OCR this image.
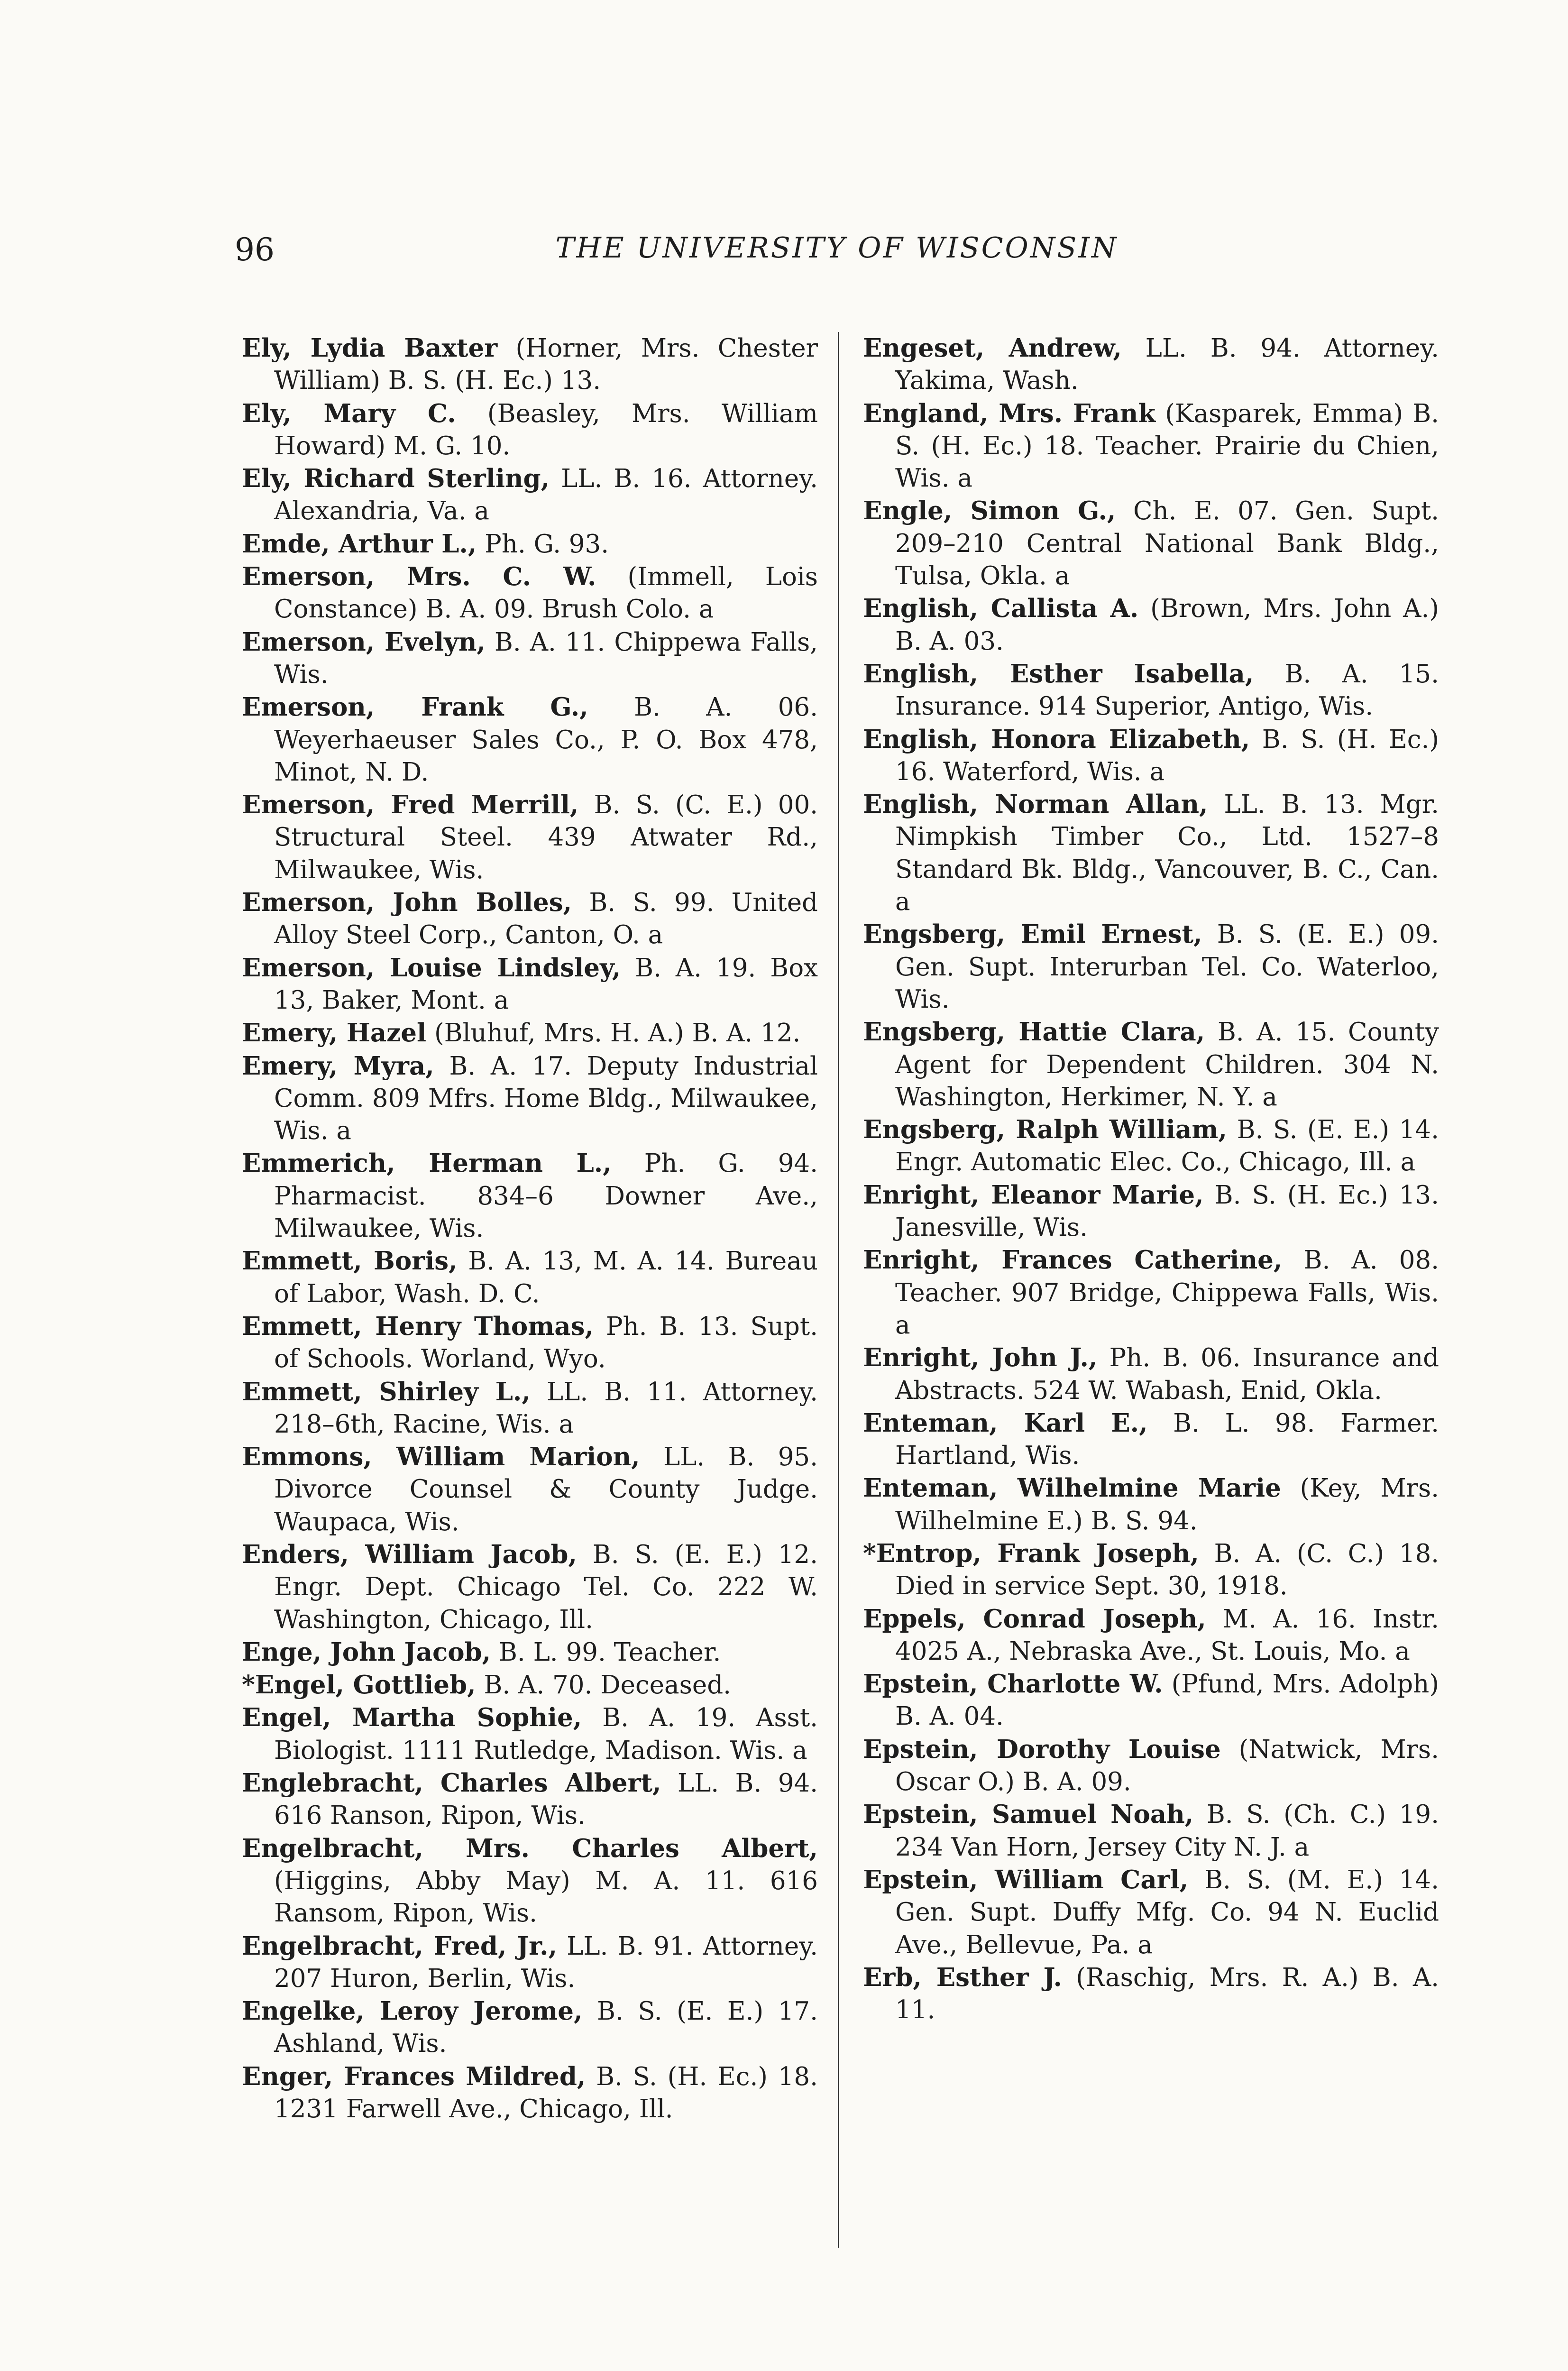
96	THE UNIVERSITY OF WISCONSIN

Ely, Lydia Baxter (Horner, Mrs. Chester William) B. S. (H. Ec.) 13.

Ely, Mary C. (Beasley, Mrs. William Howard) M. G. 10.

Ely, Richard Sterling, LL. B. 16. Attorney. Alexandria, Va. a

Emde, Arthur L., Ph. G. 93.

Emerson, Mrs. C. W. (Immell, Lois Constance) B. A. 09. Brush Colo. a

Emerson, Evelyn, B. A. 11. Chippewa Falls, Wis.

Emerson, Frank G., B. A. 06. Weyerhaeuser Sales Co., P. O. Box 478, Minot, N. D.

Emerson, Fred Merrill, B. S. (C. E.) 00. Structural Steel. 439 Atwater Rd., Milwaukee, Wis.

Emerson, John Bolles, B. S. 99. United Alloy Steel Corp., Canton, O. a

Emerson, Louise Lindsley, B. A. 19. Box 13, Baker, Mont. a

Emery, Hazel (Bluhuf, Mrs. H. A.) B. A. 12.

Emery, Myra, B. A. 17. Deputy Industrial Comm. 809 Mfrs. Home Bldg., Milwaukee, Wis. a

Emmerich, Herman L., Ph. G. 94. Pharmacist. 834–6 Downer Ave., Milwaukee, Wis.

Emmett, Boris, B. A. 13, M. A. 14. Bureau of Labor, Wash. D. C.

Emmett, Henry Thomas, Ph. B. 13. Supt. of Schools. Worland, Wyo.

Emmett, Shirley L., LL. B. 11. Attorney. 218–6th, Racine, Wis. a

Emmons, William Marion, LL. B. 95. Divorce Counsel & County Judge. Waupaca, Wis.

Enders, William Jacob, B. S. (E. E.) 12. Engr. Dept. Chicago Tel. Co. 222 W. Washington, Chicago, Ill.

Enge, John Jacob, B. L. 99. Teacher.

*Engel, Gottlieb, B. A. 70. Deceased.

Engel, Martha Sophie, B. A. 19. Asst. Biologist. 1111 Rutledge, Madison. Wis. a

Englebracht, Charles Albert, LL. B. 94. 616 Ranson, Ripon, Wis.

Engelbracht, Mrs. Charles Albert, (Higgins, Abby May) M. A. 11. 616 Ransom, Ripon, Wis.

Engelbracht, Fred, Jr., LL. B. 91. Attorney. 207 Huron, Berlin, Wis.

Engelke, Leroy Jerome, B. S. (E. E.) 17. Ashland, Wis.

Enger, Frances Mildred, B. S. (H. Ec.) 18. 1231 Farwell Ave., Chicago, Ill.

Engeset, Andrew, LL. B. 94. Attorney. Yakima, Wash.

England, Mrs. Frank (Kasparek, Emma) B. S. (H. Ec.) 18. Teacher. Prairie du Chien, Wis. a

Engle, Simon G., Ch. E. 07. Gen. Supt. 209–210 Central National Bank Bldg., Tulsa, Okla. a

English, Callista A. (Brown, Mrs. John A.) B. A. 03.

English, Esther Isabella, B. A. 15. Insurance. 914 Superior, Antigo, Wis.

English, Honora Elizabeth, B. S. (H. Ec.) 16. Waterford, Wis. a

English, Norman Allan, LL. B. 13. Mgr. Nimpkish Timber Co., Ltd. 1527–8 Standard Bk. Bldg., Vancouver, B. C., Can. a

Engsberg, Emil Ernest, B. S. (E. E.) 09. Gen. Supt. Interurban Tel. Co. Waterloo, Wis.

Engsberg, Hattie Clara, B. A. 15. County Agent for Dependent Children. 304 N. Washington, Herkimer, N. Y. a

Engsberg, Ralph William, B. S. (E. E.) 14. Engr. Automatic Elec. Co., Chicago, Ill. a

Enright, Eleanor Marie, B. S. (H. Ec.) 13. Janesville, Wis.

Enright, Frances Catherine, B. A. 08. Teacher. 907 Bridge, Chippewa Falls, Wis. a

Enright, John J., Ph. B. 06. Insurance and Abstracts. 524 W. Wabash, Enid, Okla.

Enteman, Karl E., B. L. 98. Farmer. Hartland, Wis.

Enteman, Wilhelmine Marie (Key, Mrs. Wilhelmine E.) B. S. 94.

*Entrop, Frank Joseph, B. A. (C. C.) 18. Died in service Sept. 30, 1918.

Eppels, Conrad Joseph, M. A. 16. Instr. 4025 A., Nebraska Ave., St. Louis, Mo. a

Epstein, Charlotte W. (Pfund, Mrs. Adolph) B. A. 04.

Epstein, Dorothy Louise (Natwick, Mrs. Oscar O.) B. A. 09.

Epstein, Samuel Noah, B. S. (Ch. C.) 19. 234 Van Horn, Jersey City N. J. a

Epstein, William Carl, B. S. (M. E.) 14. Gen. Supt. Duffy Mfg. Co. 94 N. Euclid Ave., Bellevue, Pa. a

Erb, Esther J. (Raschig, Mrs. R. A.) B. A. 11.
